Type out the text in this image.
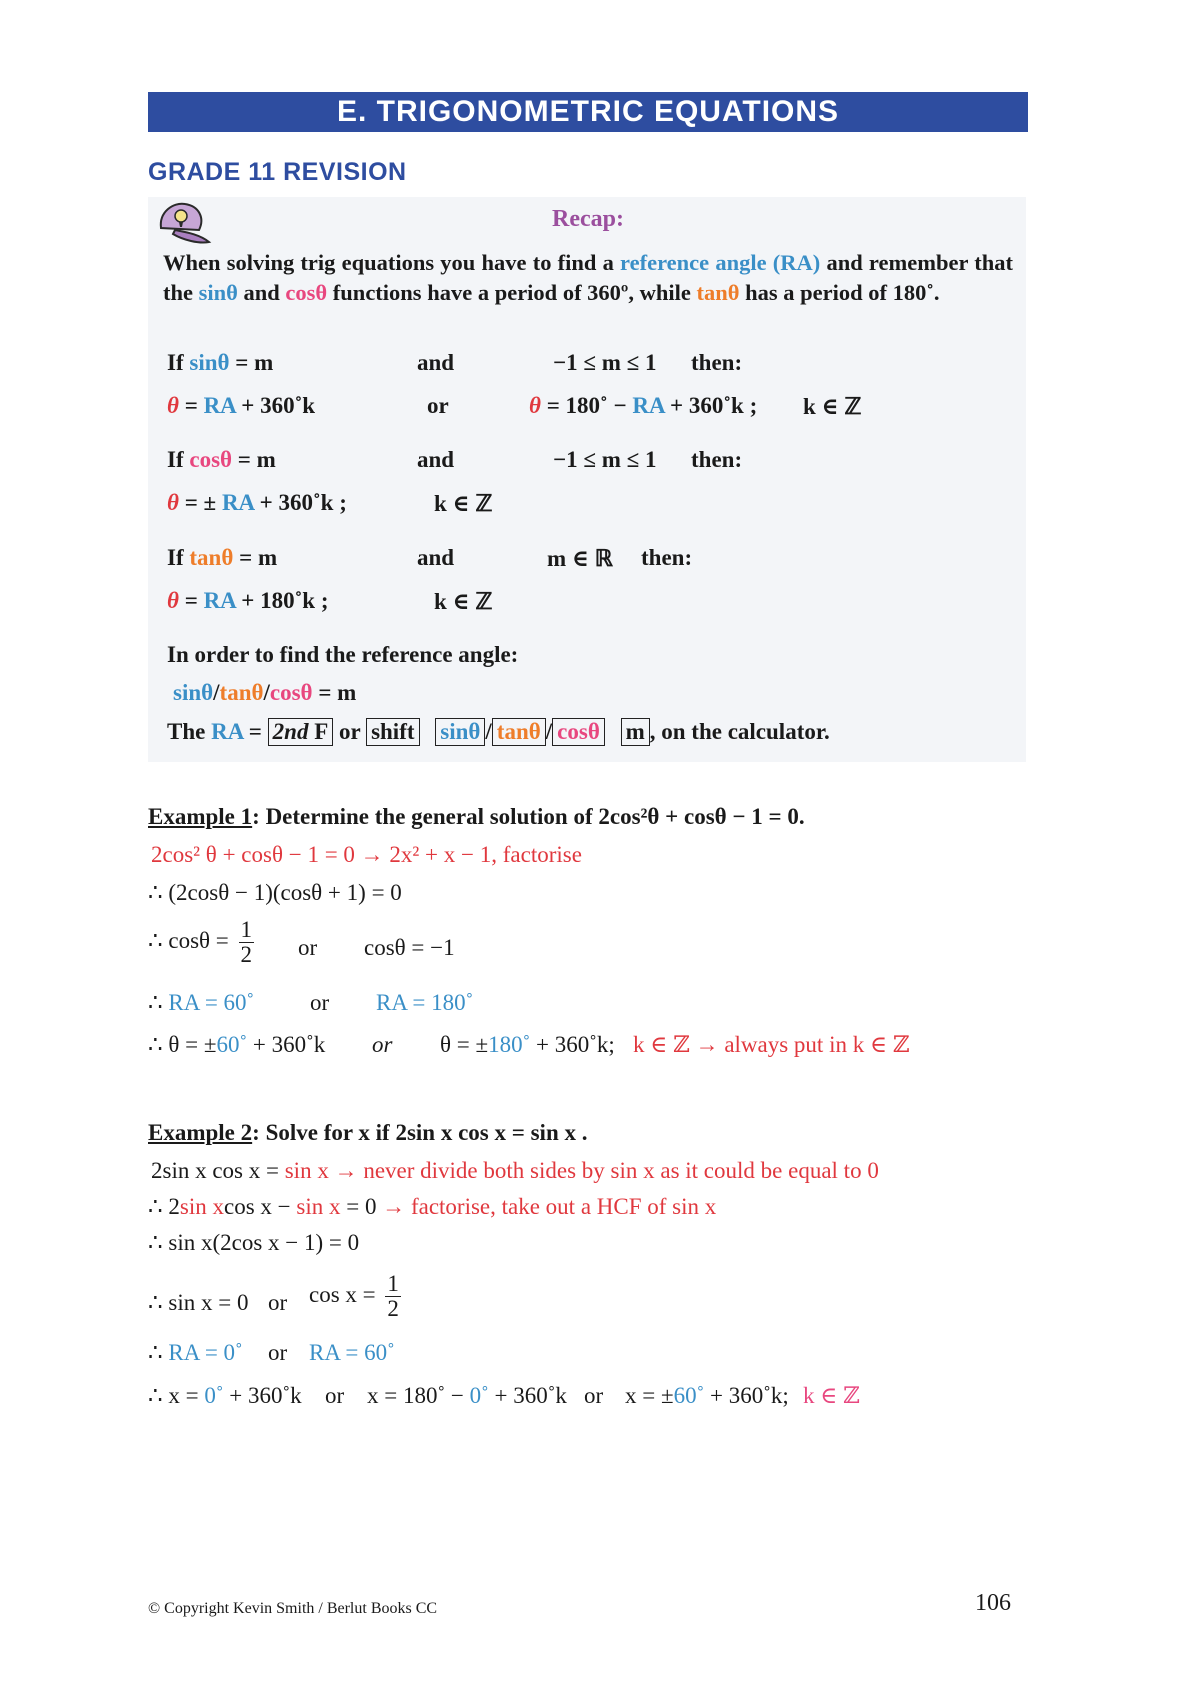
E. TRIGONOMETRIC EQUATIONS
GRADE 11 REVISION
Recap:
When solving trig equations you have to find a reference angle (RA) and remember that the sinθ and cosθ functions have a period of 360º, while tanθ has a period of 180˚.
If sinθ = m	and	−1 ≤ m ≤ 1 then:
θ = RA + 360˚k	or	θ = 180˚ − RA + 360˚k ; k ∈ ℤ
If cosθ = m	and	−1 ≤ m ≤ 1 then:
θ = ± RA + 360˚k ;	k ∈ ℤ
If tanθ = m	and	m ∈ ℝ then:
θ = RA + 180˚k ;	k ∈ ℤ
In order to find the reference angle:
sinθ/tanθ/cosθ = m
The RA = 2nd F or shift sinθ / tanθ / cosθ m , on the calculator.
Example 1: Determine the general solution of 2cos²θ + cosθ − 1 = 0.
2cos² θ + cosθ − 1 = 0 → 2x² + x − 1, factorise
∴ (2cosθ − 1)(cosθ + 1) = 0
∴ $\cos\theta = \frac{1}{2}$ or cosθ = −1
∴ RA = 60˚ or RA = 180˚
∴ θ = ±60˚ + 360˚k or θ = ±180˚ + 360˚k; k ∈ ℤ → always put in k ∈ ℤ
Example 2: Solve for x if 2sin x cos x = sin x .
2sin x cos x = sin x → never divide both sides by sin x as it could be equal to 0
∴ 2sin xcos x − sin x = 0 → factorise, take out a HCF of sin x
∴ sin x(2cos x − 1) = 0
∴ sin x = 0 or $\cos x = \frac{1}{2}$
∴ RA = 0˚ or RA = 60˚
∴ x = 0˚ + 360˚k or x = 180˚ − 0˚ + 360˚k or x = ±60˚ + 360˚k; k ∈ ℤ
© Copyright Kevin Smith / Berlut Books CC	106
